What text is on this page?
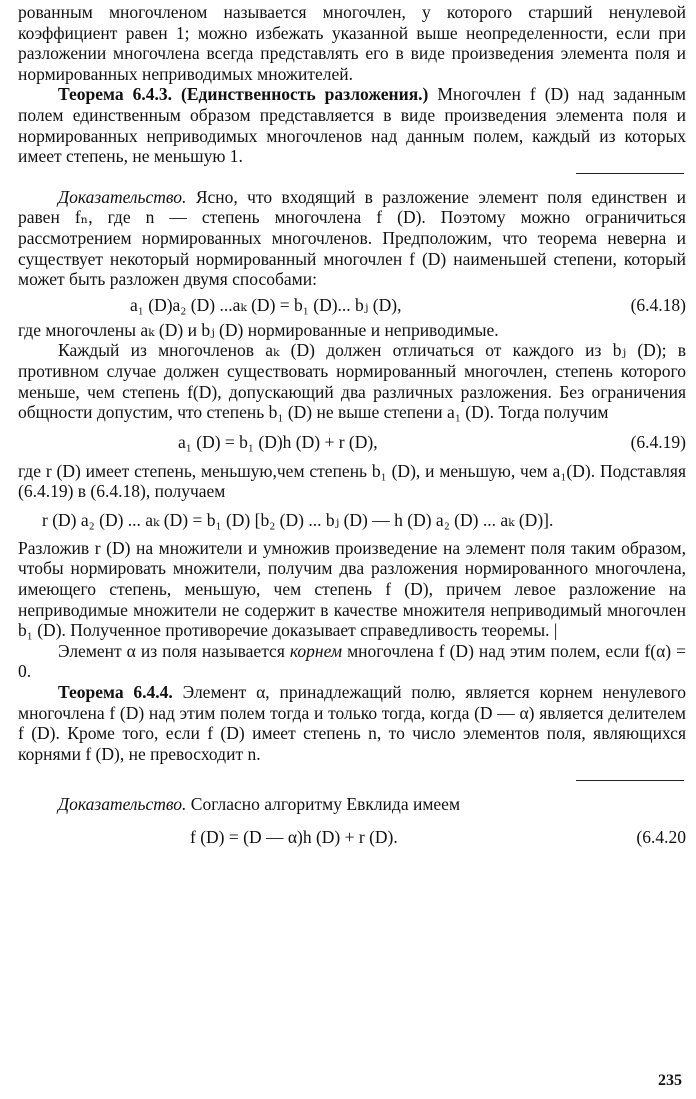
рованным многочленом называется многочлен, у которого старший ненулевой коэффициент равен 1; можно избежать указанной выше неопределенности, если при разложении многочлена всегда представлять его в виде произведения элемента поля и нормированных неприводимых множителей.

Теорема 6.4.3. (Единственность разложения.) Многочлен f (D) над заданным полем единственным образом представляется в виде произведения элемента поля и нормированных неприводимых многочленов над данным полем, каждый из которых имеет степень, не меньшую 1.

Доказательство. Ясно, что входящий в разложение элемент поля единствен и равен fₙ, где n — степень многочлена f (D). Поэтому можно ограничиться рассмотрением нормированных многочленов. Предположим, что теорема неверна и существует некоторый нормированный многочлен f (D) наименьшей степени, который может быть разложен двумя способами:

a₁ (D)a₂ (D) ...aₖ (D) = b₁ (D)... bⱼ (D),	(6.4.18)

где многочлены aₖ (D) и bⱼ (D) нормированные и неприводимые.

Каждый из многочленов aₖ (D) должен отличаться от каждого из bⱼ (D); в противном случае должен существовать нормированный многочлен, степень которого меньше, чем степень f(D), допускающий два различных разложения. Без ограничения общности допустим, что степень b₁ (D) не выше степени a₁ (D). Тогда получим

a₁ (D) = b₁ (D)h (D) + r (D),	(6.4.19)

где r (D) имеет степень, меньшую,чем степень b₁ (D), и меньшую, чем a₁(D). Подставляя (6.4.19) в (6.4.18), получаем

r (D) a₂ (D) ... aₖ (D) = b₁ (D) [b₂ (D) ... bⱼ (D) — h (D) a₂ (D) ... aₖ (D)].

Разложив r (D) на множители и умножив произведение на элемент поля таким образом, чтобы нормировать множители, получим два разложения нормированного многочлена, имеющего степень, меньшую, чем степень f (D), причем левое разложение на неприводимые множители не содержит в качестве множителя неприводимый многочлен b₁ (D). Полученное противоречие доказывает справедливость теоремы. |

Элемент α из поля называется корнем многочлена f (D) над этим полем, если f(α) = 0.

Теорема 6.4.4. Элемент α, принадлежащий полю, является корнем ненулевого многочлена f (D) над этим полем тогда и только тогда, когда (D — α) является делителем f (D). Кроме того, если f (D) имеет степень n, то число элементов поля, являющихся корнями f (D), не превосходит n.

Доказательство. Согласно алгоритму Евклида имеем

f (D) = (D — α)h (D) + r (D).	(6.4.20
235
